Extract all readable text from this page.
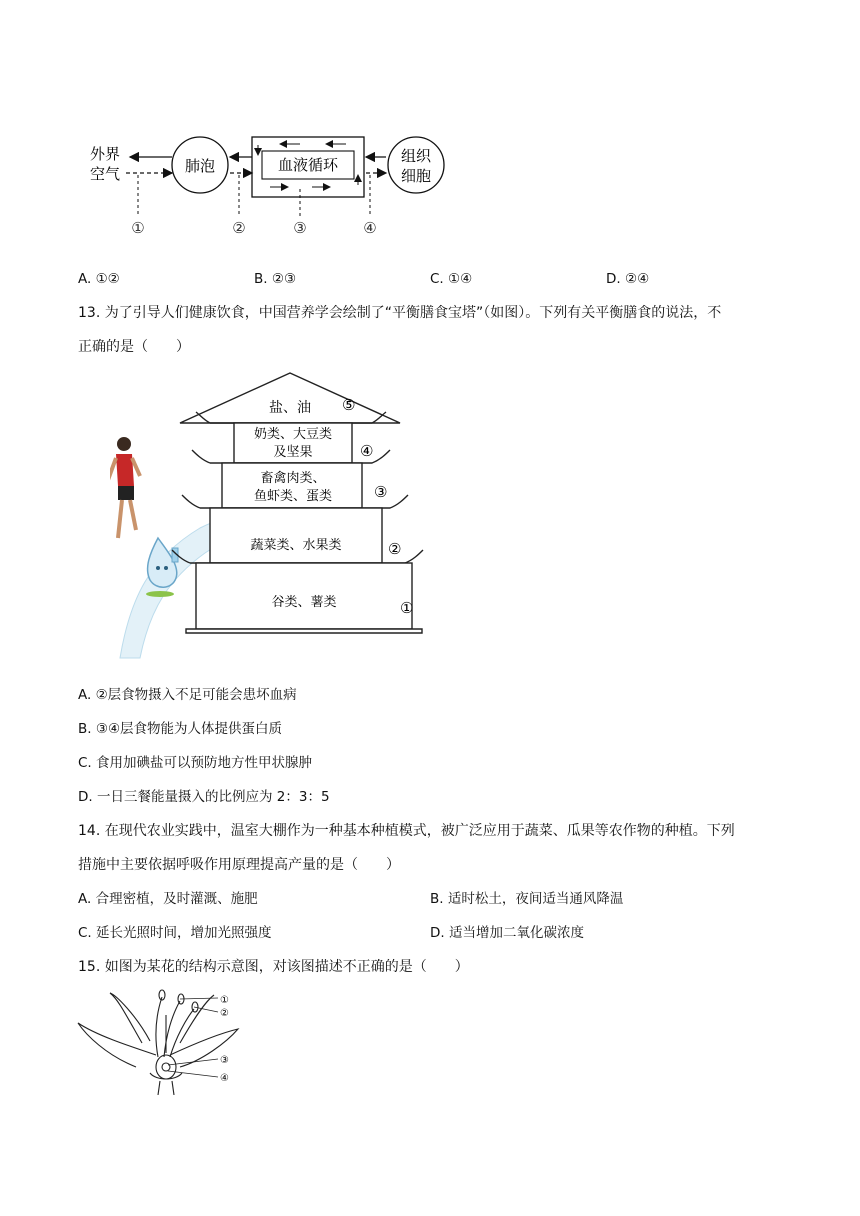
外界
空气	肺泡	血液循环	组织
细胞
①	②	③	④
A. ①②	B. ②③	C. ①④	D. ②④
13. 为了引导人们健康饮食，中国营养学会绘制了“平衡膳食宝塔”（如图）。下列有关平衡膳食的说法，不
正确的是（　　）
盐、油
奶类、大豆类
及坚果
畜禽肉类、
鱼虾类、蛋类
蔬菜类、水果类
谷类、薯类
⑤
④
③
②
①
A. ②层食物摄入不足可能会患坏血病
B. ③④层食物能为人体提供蛋白质
C. 食用加碘盐可以预防地方性甲状腺肿
D. 一日三餐能量摄入的比例应为 2：3：5
14. 在现代农业实践中，温室大棚作为一种基本种植模式，被广泛应用于蔬菜、瓜果等农作物的种植。下列
措施中主要依据呼吸作用原理提高产量的是（　　）
A. 合理密植，及时灌溉、施肥	B. 适时松土，夜间适当通风降温
C. 延长光照时间，增加光照强度	D. 适当增加二氧化碳浓度
15. 如图为某花的结构示意图，对该图描述不正确的是（　　）
①
②
③
④
